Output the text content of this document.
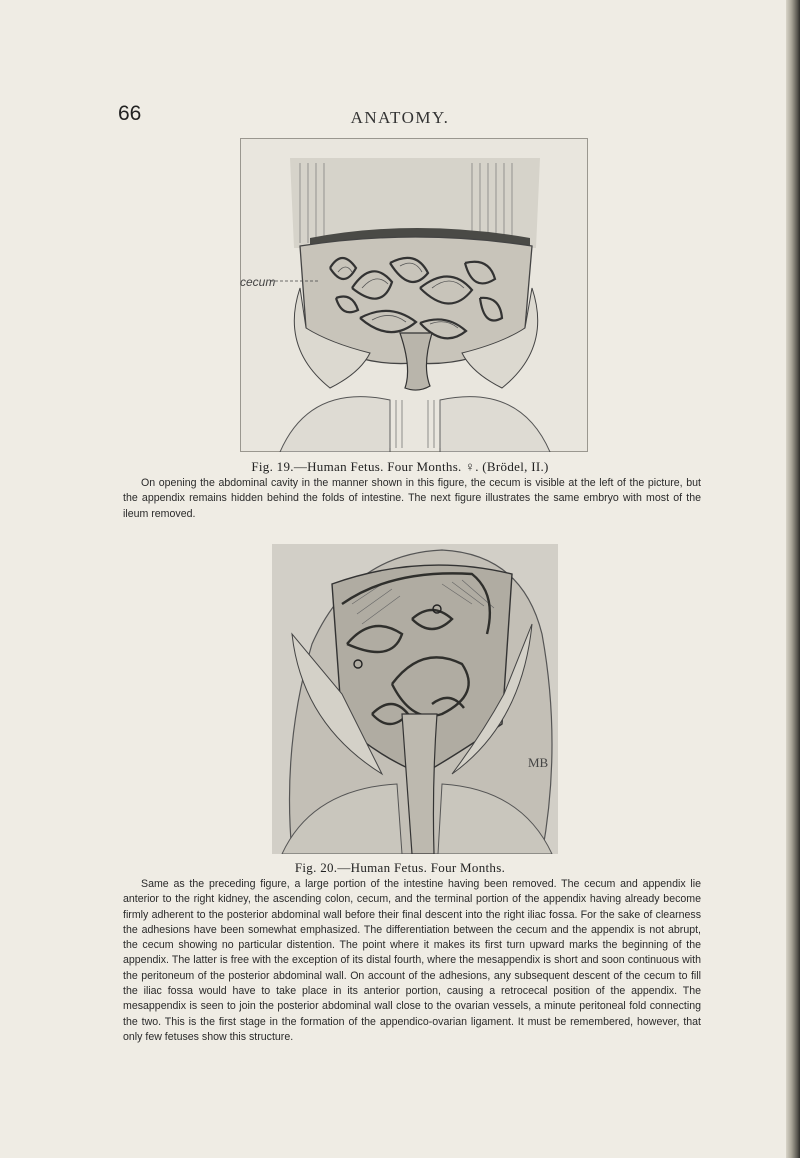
66	ANATOMY.
cecum
Fig. 19.—Human Fetus. Four Months. ♀. (Brödel, II.)

On opening the abdominal cavity in the manner shown in this figure, the cecum is visible at the left of the picture, but the appendix remains hidden behind the folds of intestine. The next figure illustrates the same embryo with most of the ileum removed.

MB
Fig. 20.—Human Fetus. Four Months.

Same as the preceding figure, a large portion of the intestine having been removed. The cecum and appendix lie anterior to the right kidney, the ascending colon, cecum, and the terminal portion of the appendix having already become firmly adherent to the posterior abdominal wall before their final descent into the right iliac fossa. For the sake of clearness the adhesions have been somewhat emphasized. The differentiation between the cecum and the appendix is not abrupt, the cecum showing no particular distention. The point where it makes its first turn upward marks the beginning of the appendix. The latter is free with the exception of its distal fourth, where the mesappendix is short and soon continuous with the peritoneum of the posterior abdominal wall. On account of the adhesions, any subsequent descent of the cecum to fill the iliac fossa would have to take place in its anterior portion, causing a retrocecal position of the appendix. The mesappendix is seen to join the posterior abdominal wall close to the ovarian vessels, a minute peritoneal fold connecting the two. This is the first stage in the formation of the appendico-ovarian ligament. It must be remembered, however, that only few fetuses show this structure.
